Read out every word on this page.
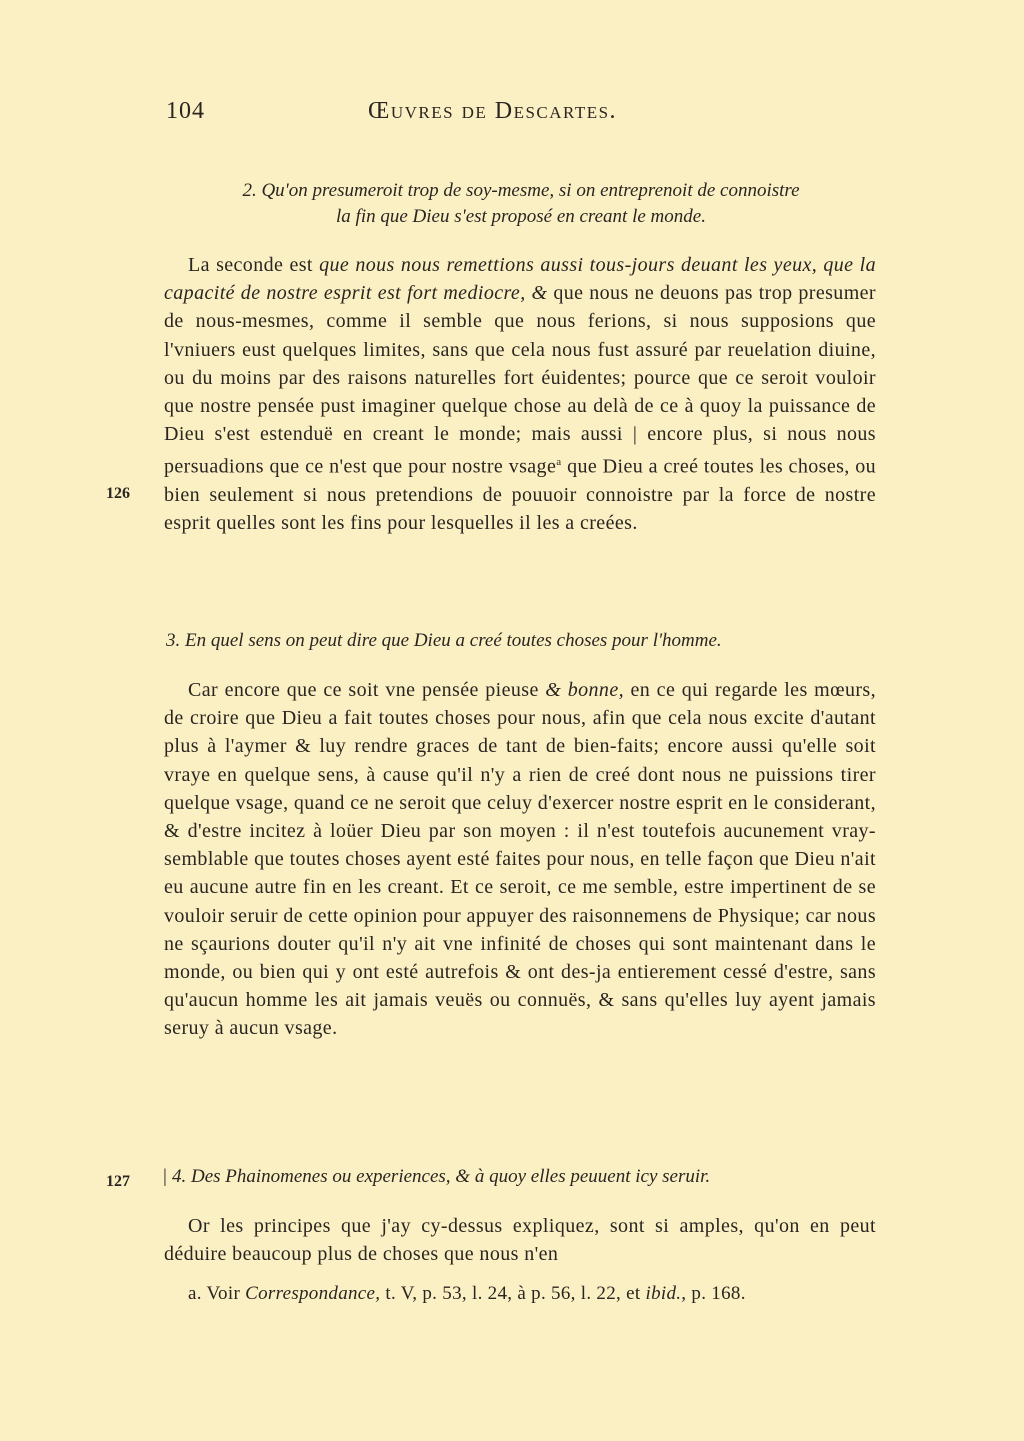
104	Œuvres de Descartes.
2. Qu'on presumeroit trop de soy-mesme, si on entreprenoit de connoistre
la fin que Dieu s'est proposé en creant le monde.
La seconde est que nous nous remettions aussi tous-jours deuant les yeux, que la capacité de nostre esprit est fort mediocre, & que nous ne deuons pas trop presumer de nous-mesmes, comme il semble que nous ferions, si nous supposions que l'vniuers eust quelques limites, sans que cela nous fust assuré par reuelation diuine, ou du moins par des raisons naturelles fort éuidentes; pource que ce seroit vouloir que nostre pensée pust imaginer quelque chose au delà de ce à quoy la puissance de Dieu s'est estenduë en creant le monde; mais aussi | encore plus, si nous nous persuadions que ce n'est que pour nostre vsage$^a$ que Dieu a creé toutes les choses, ou bien seulement si nous pretendions de pouuoir connoistre par la force de nostre esprit quelles sont les fins pour lesquelles il les a creées.
126
3. En quel sens on peut dire que Dieu a creé toutes choses pour l'homme.
Car encore que ce soit vne pensée pieuse & bonne, en ce qui regarde les mœurs, de croire que Dieu a fait toutes choses pour nous, afin que cela nous excite d'autant plus à l'aymer & luy rendre graces de tant de bien-faits; encore aussi qu'elle soit vraye en quelque sens, à cause qu'il n'y a rien de creé dont nous ne puissions tirer quelque vsage, quand ce ne seroit que celuy d'exercer nostre esprit en le considerant, & d'estre incitez à loüer Dieu par son moyen : il n'est toutefois aucunement vray-semblable que toutes choses ayent esté faites pour nous, en telle façon que Dieu n'ait eu aucune autre fin en les creant. Et ce seroit, ce me semble, estre impertinent de se vouloir seruir de cette opinion pour appuyer des raisonnemens de Physique; car nous ne sçaurions douter qu'il n'y ait vne infinité de choses qui sont maintenant dans le monde, ou bien qui y ont esté autrefois & ont des-ja entierement cessé d'estre, sans qu'aucun homme les ait jamais veuës ou connuës, & sans qu'elles luy ayent jamais seruy à aucun vsage.
127 | 4. Des Phainomenes ou experiences, & à quoy elles peuuent icy seruir.
Or les principes que j'ay cy-dessus expliquez, sont si amples, qu'on en peut déduire beaucoup plus de choses que nous n'en
a. Voir Correspondance, t. V, p. 53, l. 24, à p. 56, l. 22, et ibid., p. 168.
